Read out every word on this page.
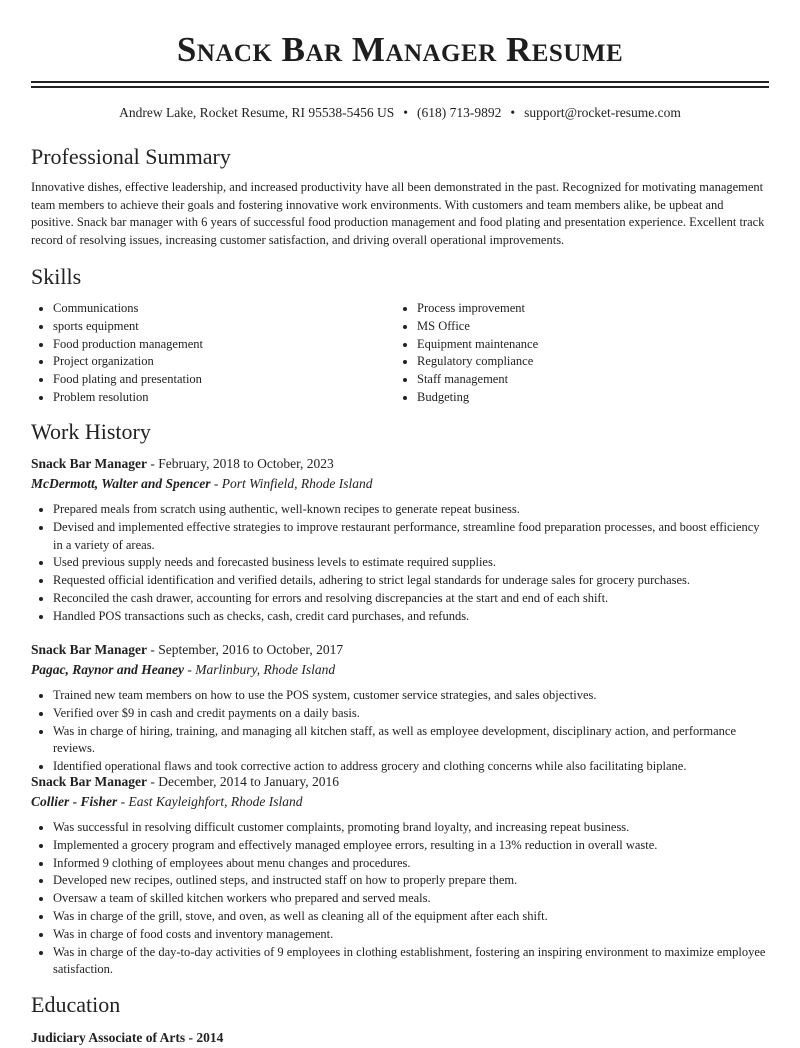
Snack Bar Manager Resume
Andrew Lake, Rocket Resume, RI 95538-5456 US • (618) 713-9892 • support@rocket-resume.com
Professional Summary

Innovative dishes, effective leadership, and increased productivity have all been demonstrated in the past. Recognized for motivating management team members to achieve their goals and fostering innovative work environments. With customers and team members alike, be upbeat and positive. Snack bar manager with 6 years of successful food production management and food plating and presentation experience. Excellent track record of resolving issues, increasing customer satisfaction, and driving overall operational improvements.

Skills
• Communications
• sports equipment
• Food production management
• Project organization
• Food plating and presentation
• Problem resolution
• Process improvement
• MS Office
• Equipment maintenance
• Regulatory compliance
• Staff management
• Budgeting
Work History

Snack Bar Manager - February, 2018 to October, 2023

McDermott, Walter and Spencer - Port Winfield, Rhode Island

• Prepared meals from scratch using authentic, well-known recipes to generate repeat business.
• Devised and implemented effective strategies to improve restaurant performance, streamline food preparation processes, and boost efficiency in a variety of areas.
• Used previous supply needs and forecasted business levels to estimate required supplies.
• Requested official identification and verified details, adhering to strict legal standards for underage sales for grocery purchases.
• Reconciled the cash drawer, accounting for errors and resolving discrepancies at the start and end of each shift.
• Handled POS transactions such as checks, cash, credit card purchases, and refunds.

Snack Bar Manager - September, 2016 to October, 2017

Pagac, Raynor and Heaney - Marlinbury, Rhode Island

• Trained new team members on how to use the POS system, customer service strategies, and sales objectives.
• Verified over $9 in cash and credit payments on a daily basis.
• Was in charge of hiring, training, and managing all kitchen staff, as well as employee development, disciplinary action, and performance reviews.
• Identified operational flaws and took corrective action to address grocery and clothing concerns while also facilitating biplane.

Snack Bar Manager - December, 2014 to January, 2016

Collier - Fisher - East Kayleighfort, Rhode Island

• Was successful in resolving difficult customer complaints, promoting brand loyalty, and increasing repeat business.
• Implemented a grocery program and effectively managed employee errors, resulting in a 13% reduction in overall waste.
• Informed 9 clothing of employees about menu changes and procedures.
• Developed new recipes, outlined steps, and instructed staff on how to properly prepare them.
• Oversaw a team of skilled kitchen workers who prepared and served meals.
• Was in charge of the grill, stove, and oven, as well as cleaning all of the equipment after each shift.
• Was in charge of food costs and inventory management.
• Was in charge of the day-to-day activities of 9 employees in clothing establishment, fostering an inspiring environment to maximize employee satisfaction.
Education
Judiciary Associate of Arts - 2014
